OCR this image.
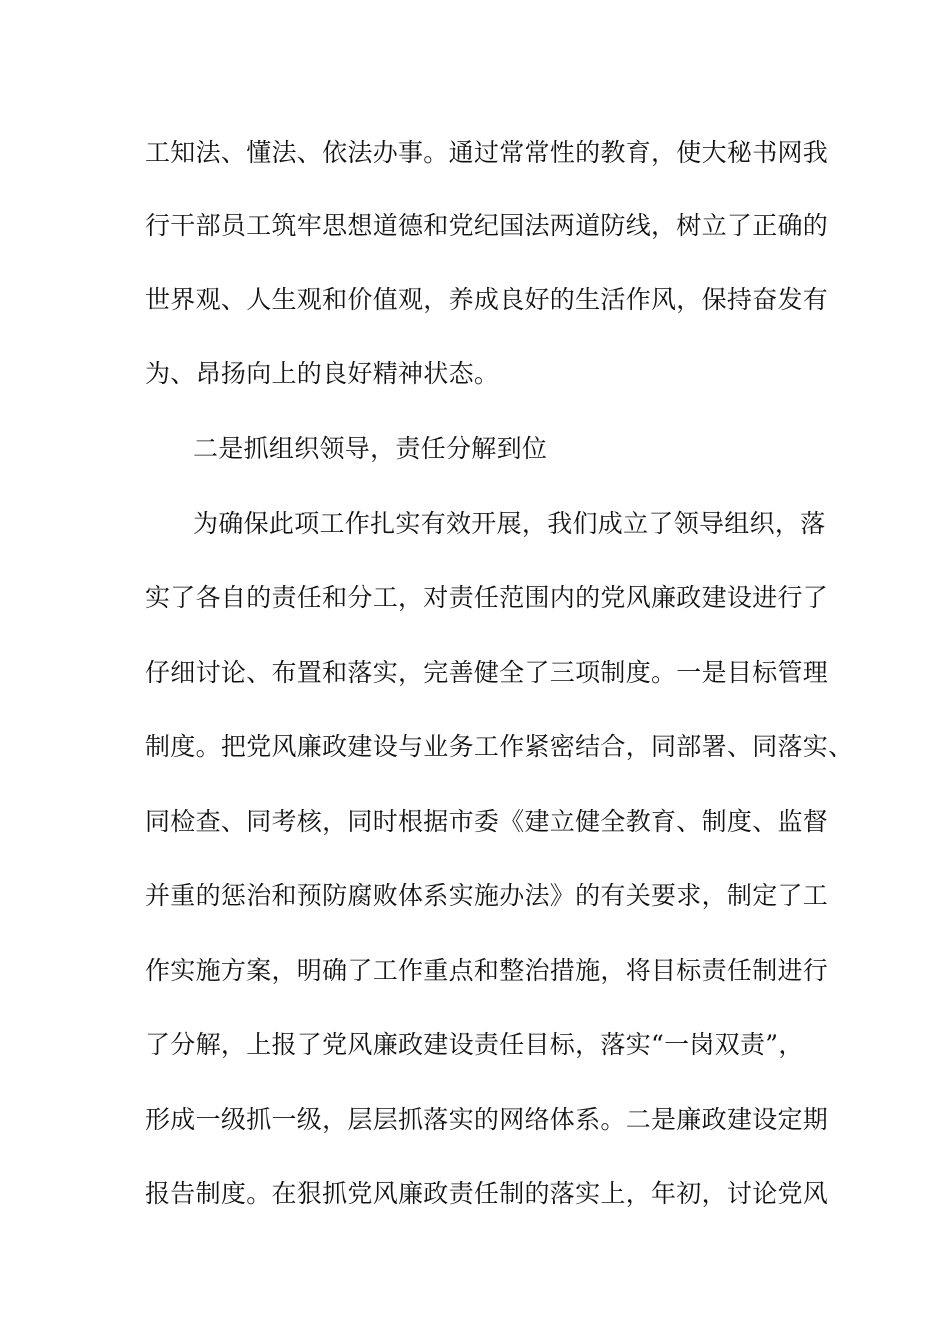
工知法、懂法、依法办事。通过常常性的教育，使大秘书网我
行干部员工筑牢思想道德和党纪国法两道防线，树立了正确的
世界观、人生观和价值观，养成良好的生活作风，保持奋发有
为、昂扬向上的良好精神状态。
二是抓组织领导，责任分解到位
为确保此项工作扎实有效开展，我们成立了领导组织，落
实了各自的责任和分工，对责任范围内的党风廉政建设进行了
仔细讨论、布置和落实，完善健全了三项制度。一是目标管理
制度。把党风廉政建设与业务工作紧密结合，同部署、同落实、
同检查、同考核，同时根据市委《建立健全教育、制度、监督
并重的惩治和预防腐败体系实施办法》的有关要求，制定了工
作实施方案，明确了工作重点和整治措施，将目标责任制进行
了分解，上报了党风廉政建设责任目标，落实“一岗双责”，
形成一级抓一级，层层抓落实的网络体系。二是廉政建设定期
报告制度。在狠抓党风廉政责任制的落实上，年初，讨论党风
